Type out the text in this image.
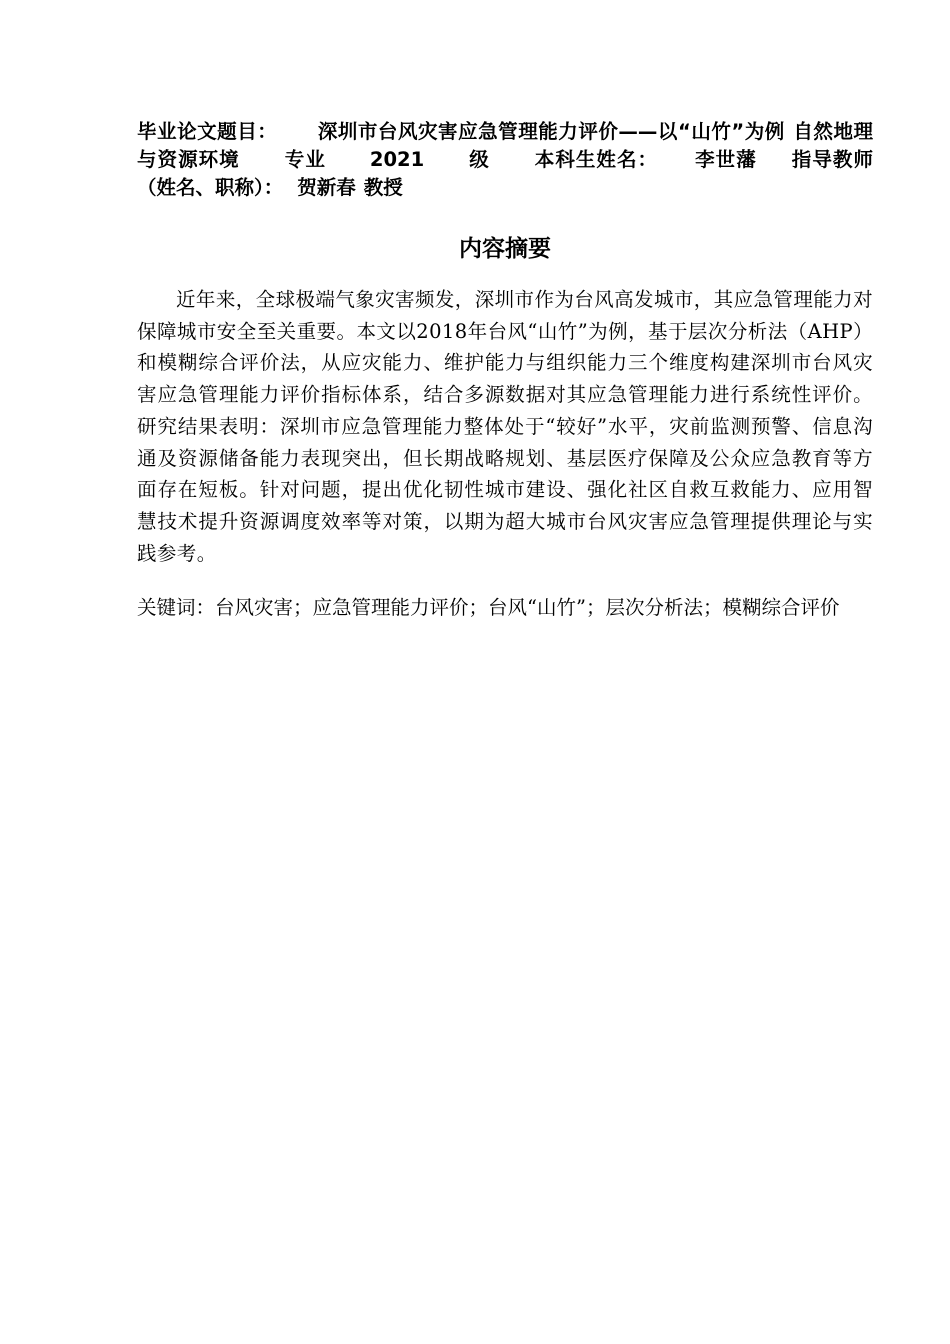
毕业论文题目： 深圳市台风灾害应急管理能力评价——以“山竹”为例 自然地理与资源环境 专业 2021 级 本科生姓名： 李世藩 指导教师（姓名、职称）： 贺新春 教授

内容摘要

近年来，全球极端气象灾害频发，深圳市作为台风高发城市，其应急管理能力对保障城市安全至关重要。本文以2018年台风“山竹”为例，基于层次分析法（AHP）和模糊综合评价法，从应灾能力、维护能力与组织能力三个维度构建深圳市台风灾害应急管理能力评价指标体系，结合多源数据对其应急管理能力进行系统性评价。研究结果表明：深圳市应急管理能力整体处于“较好”水平，灾前监测预警、信息沟通及资源储备能力表现突出，但长期战略规划、基层医疗保障及公众应急教育等方面存在短板。针对问题，提出优化韧性城市建设、强化社区自救互救能力、应用智慧技术提升资源调度效率等对策，以期为超大城市台风灾害应急管理提供理论与实践参考。

关键词：台风灾害；应急管理能力评价；台风“山竹”；层次分析法；模糊综合评价
